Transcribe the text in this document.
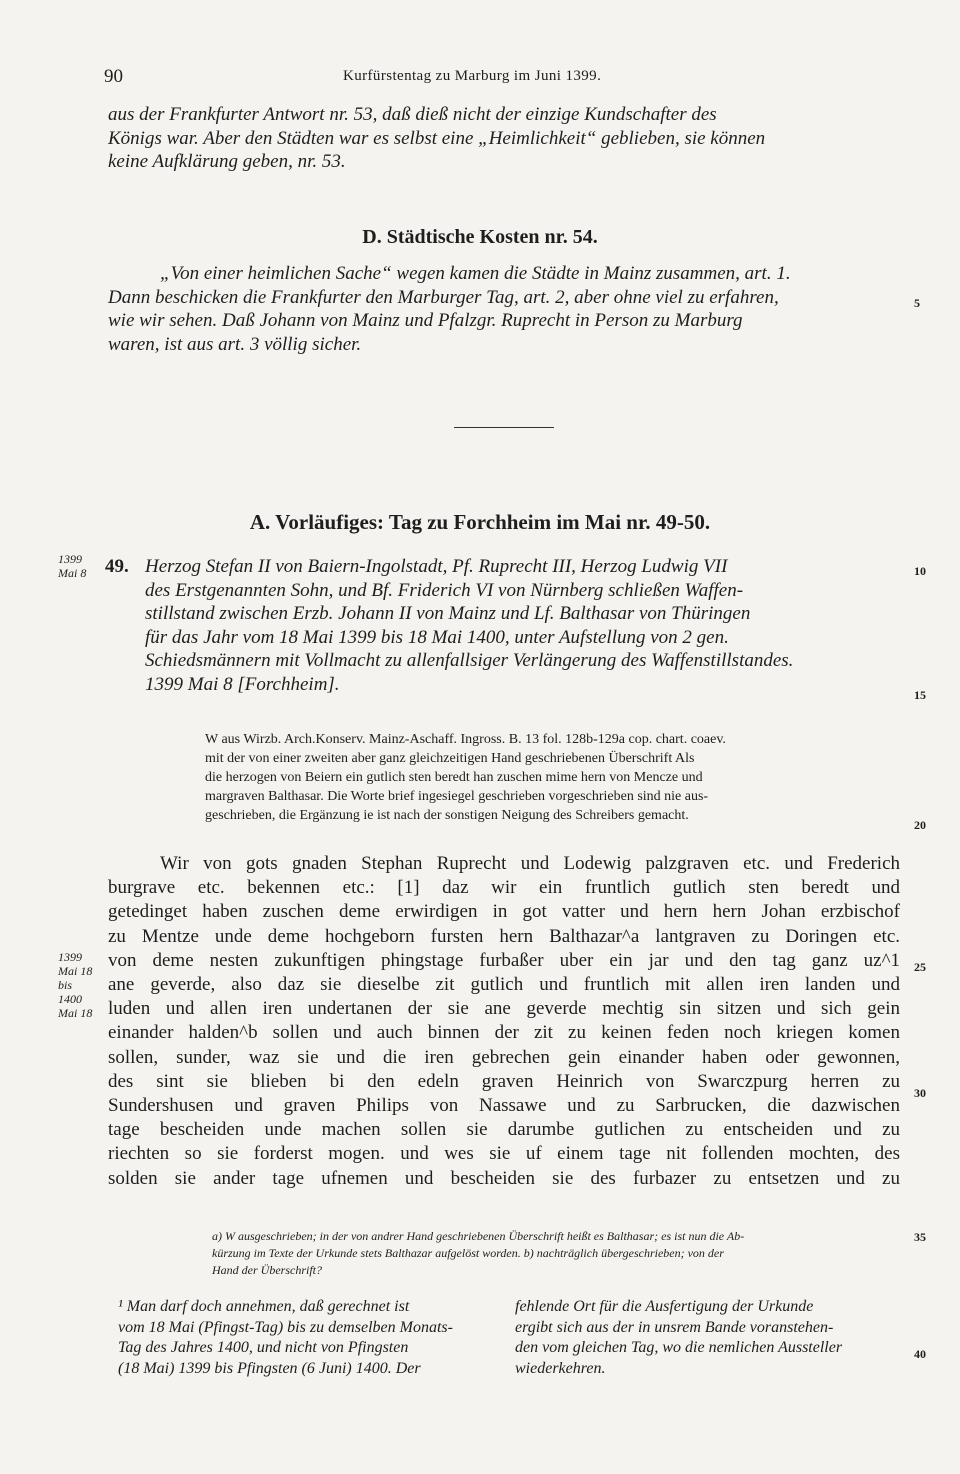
90	Kurfürstentag zu Marburg im Juni 1399.
aus der Frankfurter Antwort nr. 53, daß dieß nicht der einzige Kundschafter des
Königs war. Aber den Städten war es selbst eine „Heimlichkeit“ geblieben, sie können
keine Aufklärung geben, nr. 53.
D. Städtische Kosten nr. 54.
„Von einer heimlichen Sache“ wegen kamen die Städte in Mainz zusammen, art. 1.
Dann beschicken die Frankfurter den Marburger Tag, art. 2, aber ohne viel zu erfahren,
wie wir sehen. Daß Johann von Mainz und Pfalzgr. Ruprecht in Person zu Marburg
waren, ist aus art. 3 völlig sicher.
A. Vorläufiges: Tag zu Forchheim im Mai nr. 49-50.
1399
Mai 8 49. Herzog Stefan II von Baiern-Ingolstadt, Pf. Ruprecht III, Herzog Ludwig VII
des Erstgenannten Sohn, und Bf. Friderich VI von Nürnberg schließen Waffen-
stillstand zwischen Erzb. Johann II von Mainz und Lf. Balthasar von Thüringen
für das Jahr vom 18 Mai 1399 bis 18 Mai 1400, unter Aufstellung von 2 gen.
Schiedsmännern mit Vollmacht zu allenfallsiger Verlängerung des Waffenstillstandes.
1399 Mai 8 [Forchheim].
W aus Wirzb. Arch.Konserv. Mainz-Aschaff. Ingross. B. 13 fol. 128b-129a cop. chart. coaev.
mit der von einer zweiten aber ganz gleichzeitigen Hand geschriebenen Überschrift Als
die herzogen von Beiern ein gutlich sten beredt han zuschen mime hern von Mencze und
margraven Balthasar. Die Worte brief ingesiegel geschrieben vorgeschrieben sind nie aus-
geschrieben, die Ergänzung ie ist nach der sonstigen Neigung des Schreibers gemacht.
1399
Mai 18
bis
1400
Mai 18
Wir von gots gnaden Stephan Ruprecht und Lodewig palzgraven etc. und Frederich
burgrave etc. bekennen etc.: [1] daz wir ein fruntlich gutlich sten beredt und
getedinget haben zuschen deme erwirdigen in got vatter und hern hern Johan erzbischof
zu Mentze unde deme hochgeborn fursten hern Balthazar^a lantgraven zu Doringen etc.
von deme nesten zukunftigen phingstage furbaßer uber ein jar und den tag ganz uz^1
ane geverde, also daz sie dieselbe zit gutlich und fruntlich mit allen iren landen und
luden und allen iren undertanen der sie ane geverde mechtig sin sitzen und sich gein
einander halden^b sollen und auch binnen der zit zu keinen feden noch kriegen komen
sollen, sunder, waz sie und die iren gebrechen gein einander haben oder gewonnen,
des sint sie blieben bi den edeln graven Heinrich von Swarczpurg herren zu
Sundershusen und graven Philips von Nassawe und zu Sarbrucken, die dazwischen
tage bescheiden unde machen sollen sie darumbe gutlichen zu entscheiden und zu
riechten so sie forderst mogen. und wes sie uf einem tage nit follenden mochten, des
solden sie ander tage ufnemen und bescheiden sie des furbazer zu entsetzen und zu
a) W ausgeschrieben; in der von andrer Hand geschriebenen Überschrift heißt es Balthasar; es ist nun die Ab-
kürzung im Texte der Urkunde stets Balthazar aufgelöst worden. b) nachträglich übergeschrieben; von der
Hand der Überschrift?
¹ Man darf doch annehmen, daß gerechnet ist
vom 18 Mai (Pfingst-Tag) bis zu demselben Monats-
Tag des Jahres 1400, und nicht von Pfingsten
(18 Mai) 1399 bis Pfingsten (6 Juni) 1400. Der
fehlende Ort für die Ausfertigung der Urkunde
ergibt sich aus der in unsrem Bande voranstehen-
den vom gleichen Tag, wo die nemlichen Aussteller
wiederkehren.
5
10
15
20
25
30
35
40
